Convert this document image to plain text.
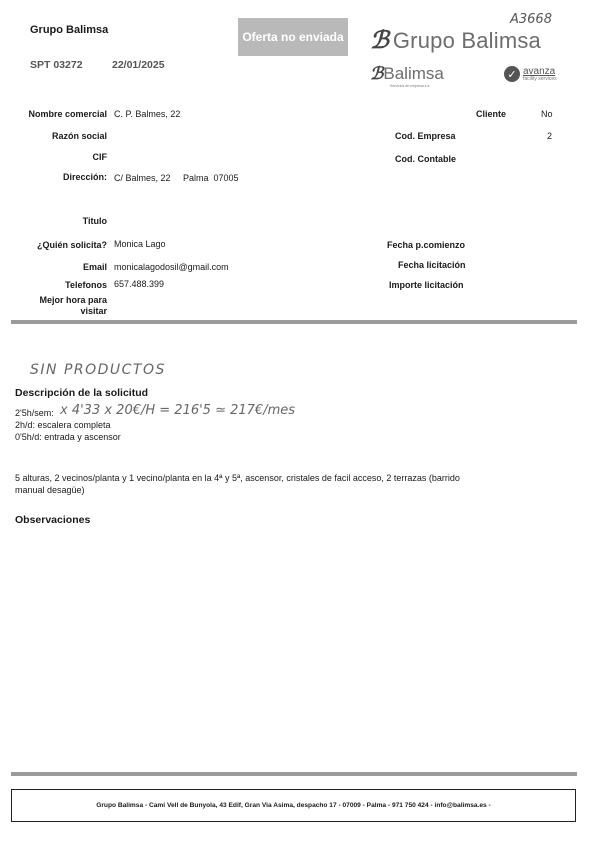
Grupo Balimsa
SPT 03272	22/01/2025
Oferta no enviada
A3668
ℬ Grupo Balimsa
ℬ Balimsa
Servicios de empresa s.a.
✓ avanza
facility services
Nombre comercial C. P. Balmes, 22
Razón social
CIF
Dirección: C/ Balmes, 22     Palma  07005
Titulo
¿Quién solicita? Monica Lago
Email monicalagodosil@gmail.com
Telefonos 657.488.399
Mejor hora para
visitar
Cliente	No
Cod. Empresa	2
Cod. Contable
Fecha p.comienzo
Fecha licitación
Importe licitación
SIN PRODUCTOS
Descripción de la solicitud
2'5h/sem: x 4'33 x 20€/H = 216'5 ≃ 217€/mes
2h/d: escalera completa
0'5h/d: entrada y ascensor
5 alturas, 2 vecinos/planta y 1 vecino/planta en la 4ª y 5ª, ascensor, cristales de facil acceso, 2 terrazas (barrido
manual desagüe)
Observaciones
Grupo Balimsa - Camí Vell de Bunyola, 43 Edif, Gran Via Asima, despacho 17 - 07009 - Palma - 971 750 424 - info@balimsa.es -
